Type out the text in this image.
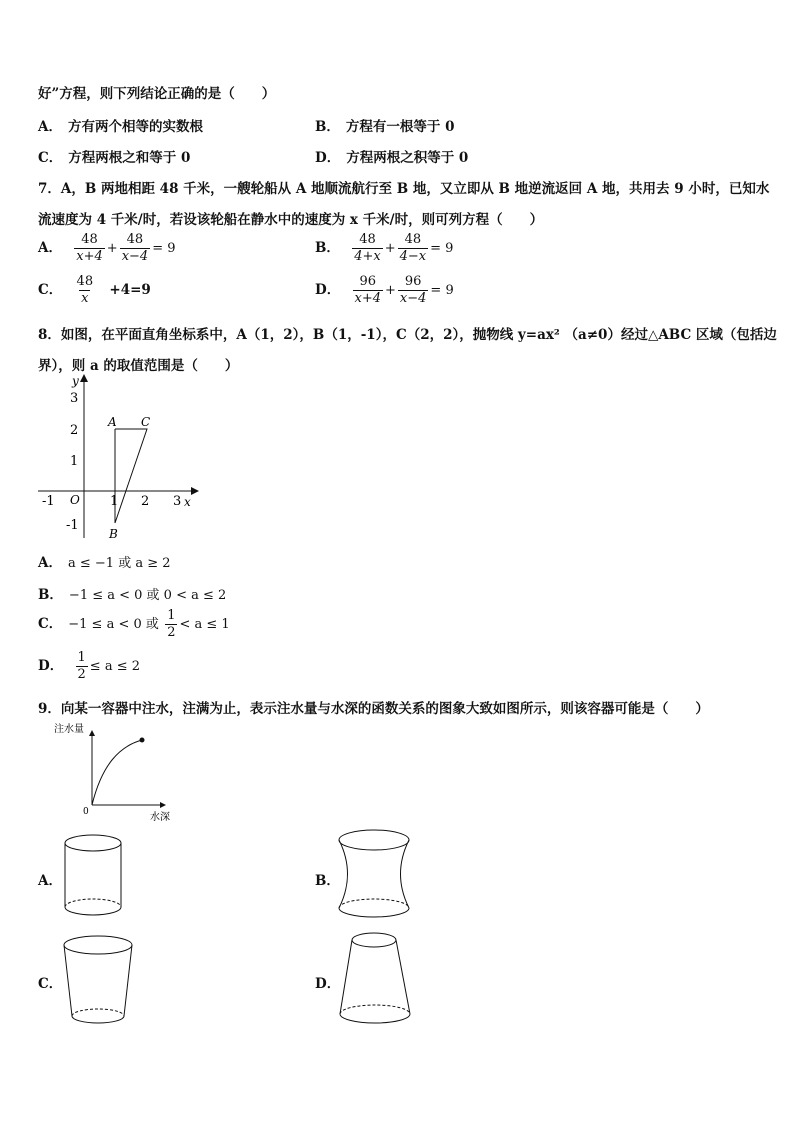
好”方程，则下列结论正确的是（　　）
A． 方有两个相等的实数根	B． 方程有一根等于 0
C． 方程两根之和等于 0	D． 方程两根之积等于 0
7．A，B 两地相距 48 千米，一艘轮船从 A 地顺流航行至 B 地，又立即从 B 地逆流返回 A 地，共用去 9 小时，已知水
流速度为 4 千米/时，若设该轮船在静水中的速度为 x 千米/时，则可列方程（　　）
A． $\frac{48}{x+4} + \frac{48}{x-4} = 9$	B． $\frac{48}{4+x} + \frac{48}{4-x} = 9$
C． $\frac{48}{x} +4=9$	D． $\frac{96}{x+4} + \frac{96}{x-4} = 9$
8．如图，在平面直角坐标系中，A（1，2），B（1，-1），C（2，2），抛物线 y=ax² （a≠0）经过△ABC 区域（包括边
界），则 a 的取值范围是（　　）
x
y
O
-1	1 2 3
3
2
1
-1
A C
B
A． a ≤ −1 或 a ≥ 2
B． −1 ≤ a < 0 或 0 < a ≤ 2
C． −1 ≤ a < 0 或 $\frac{1}{2} < a \le 1$
D． $\frac{1}{2} \le a \le 2$
9．向某一容器中注水，注满为止，表示注水量与水深的函数关系的图象大致如图所示，则该容器可能是（　　）
注水量
水深
0
A．	B．
C．	D．
